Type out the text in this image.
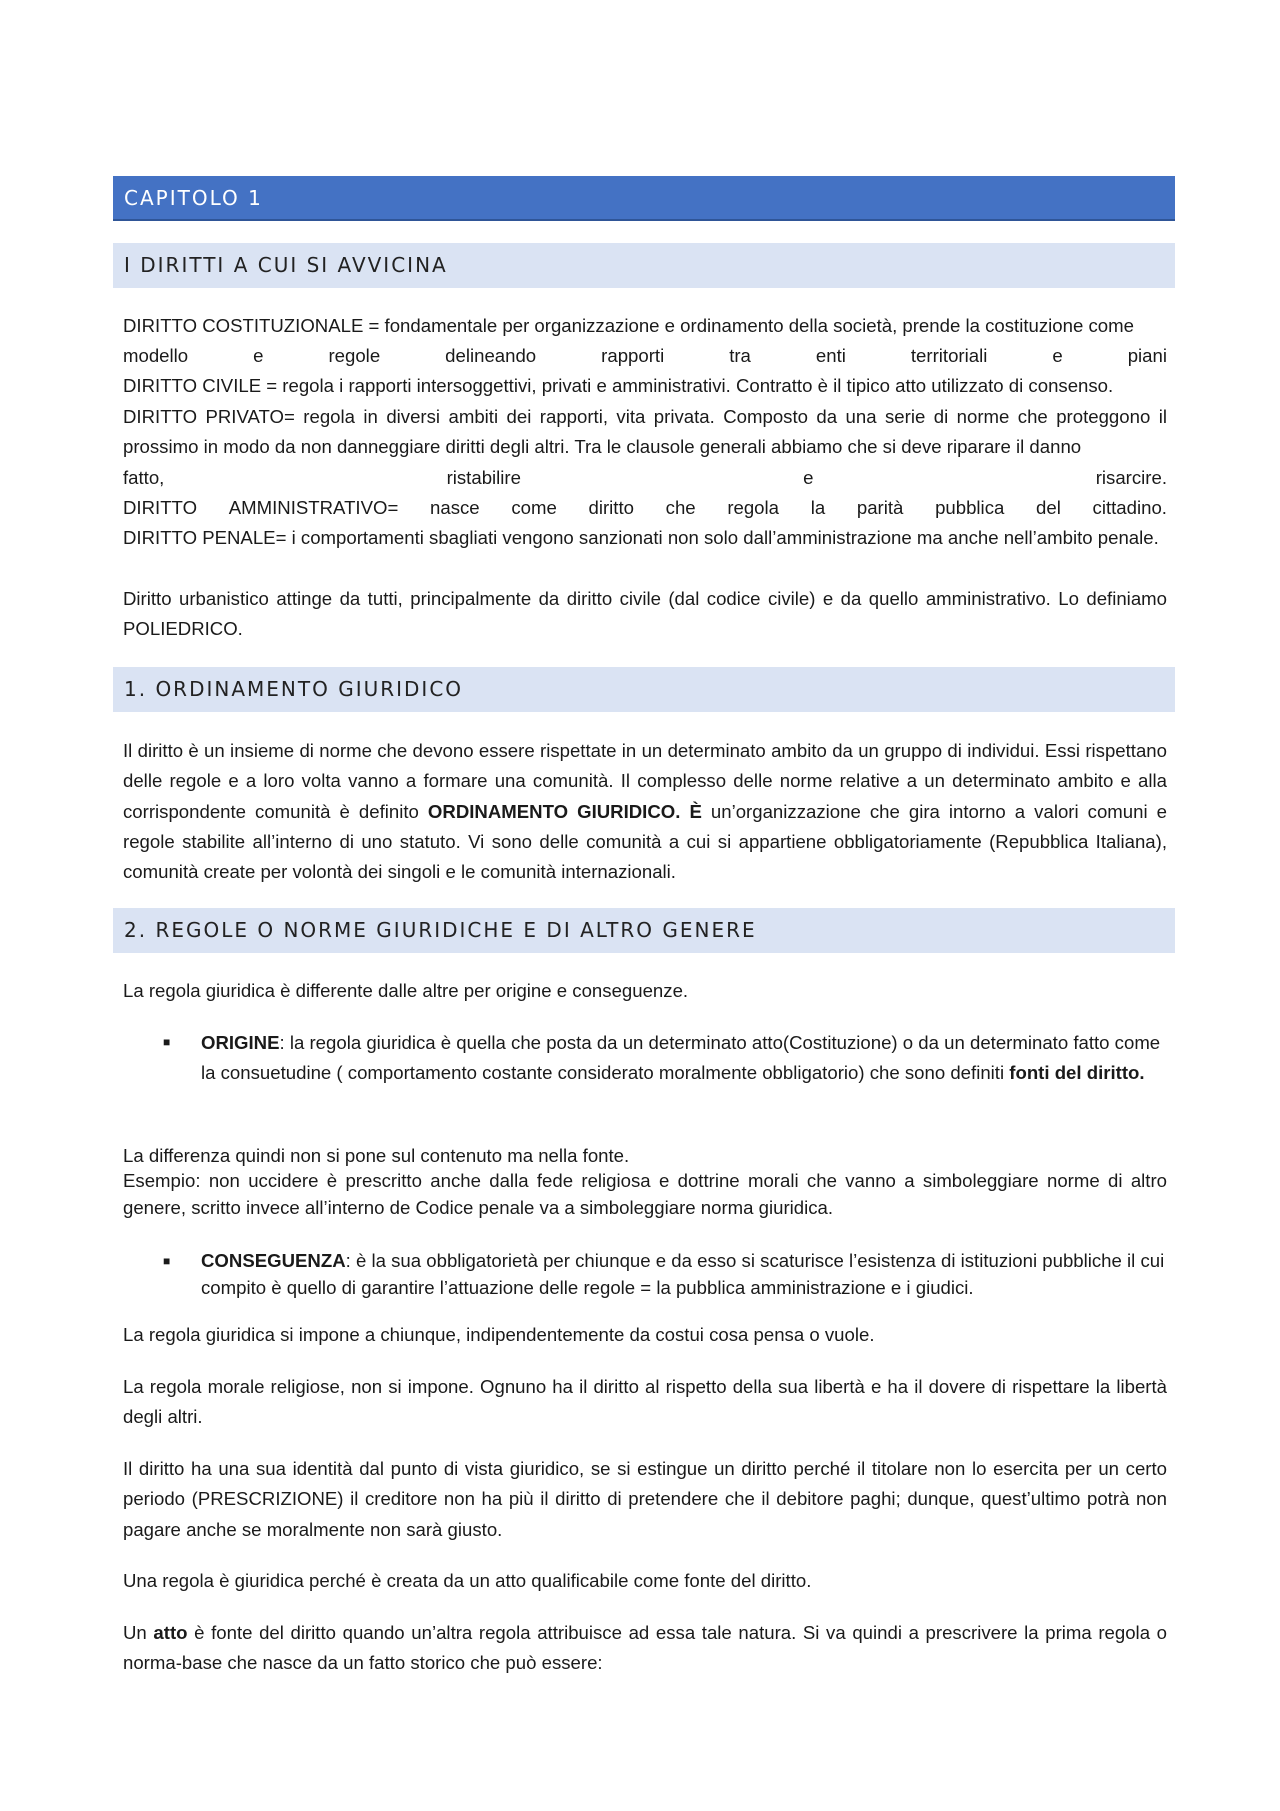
CAPITOLO 1
I DIRITTI A CUI SI AVVICINA
DIRITTO COSTITUZIONALE = fondamentale per organizzazione e ordinamento della società, prende la costituzione come
modello	e	regole	delineando	rapporti	tra	enti	territoriali	e	piani
DIRITTO CIVILE = regola i rapporti intersoggettivi, privati e amministrativi. Contratto è il tipico atto utilizzato di consenso.
DIRITTO PRIVATO= regola in diversi ambiti dei rapporti, vita privata. Composto da una serie di norme che proteggono il prossimo in modo da non danneggiare diritti degli altri. Tra le clausole generali abbiamo che si deve riparare il danno
fatto,	ristabilire	e	risarcire.
DIRITTO AMMINISTRATIVO= nasce come diritto che regola la parità pubblica del cittadino.
DIRITTO PENALE= i comportamenti sbagliati vengono sanzionati non solo dall’amministrazione ma anche nell’ambito penale.
Diritto urbanistico attinge da tutti, principalmente da diritto civile (dal codice civile) e da quello amministrativo. Lo definiamo POLIEDRICO.
1. ORDINAMENTO GIURIDICO
Il diritto è un insieme di norme che devono essere rispettate in un determinato ambito da un gruppo di individui. Essi rispettano delle regole e a loro volta vanno a formare una comunità. Il complesso delle norme relative a un determinato ambito e alla corrispondente comunità è definito ORDINAMENTO GIURIDICO. È un’organizzazione che gira intorno a valori comuni e regole stabilite all’interno di uno statuto. Vi sono delle comunità a cui si appartiene obbligatoriamente (Repubblica Italiana), comunità create per volontà dei singoli e le comunità internazionali.
2. REGOLE O NORME GIURIDICHE E DI ALTRO GENERE
La regola giuridica è differente dalle altre per origine e conseguenze.
■ ORIGINE: la regola giuridica è quella che posta da un determinato atto(Costituzione) o da un determinato fatto come la consuetudine ( comportamento costante considerato moralmente obbligatorio) che sono definiti fonti del diritto.

La differenza quindi non si pone sul contenuto ma nella fonte.
Esempio: non uccidere è prescritto anche dalla fede religiosa e dottrine morali che vanno a simboleggiare norme di altro genere, scritto invece all’interno de Codice penale va a simboleggiare norma giuridica.
■ CONSEGUENZA: è la sua obbligatorietà per chiunque e da esso si scaturisce l’esistenza di istituzioni pubbliche il cui compito è quello di garantire l’attuazione delle regole = la pubblica amministrazione e i giudici.

La regola giuridica si impone a chiunque, indipendentemente da costui cosa pensa o vuole.
La regola morale religiose, non si impone. Ognuno ha il diritto al rispetto della sua libertà e ha il dovere di rispettare la libertà degli altri.
Il diritto ha una sua identità dal punto di vista giuridico, se si estingue un diritto perché il titolare non lo esercita per un certo periodo (PRESCRIZIONE) il creditore non ha più il diritto di pretendere che il debitore paghi; dunque, quest’ultimo potrà non pagare anche se moralmente non sarà giusto.
Una regola è giuridica perché è creata da un atto qualificabile come fonte del diritto.
Un atto è fonte del diritto quando un’altra regola attribuisce ad essa tale natura. Si va quindi a prescrivere la prima regola o norma-base che nasce da un fatto storico che può essere:
